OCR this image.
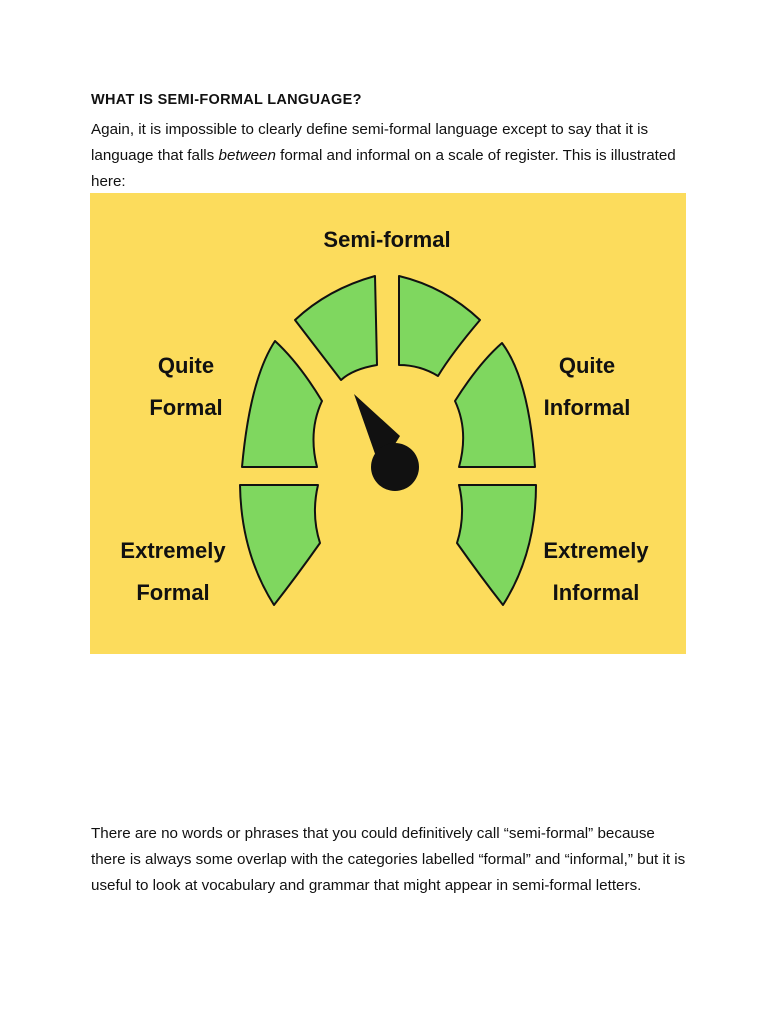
WHAT IS SEMI-FORMAL LANGUAGE?

Again, it is impossible to clearly define semi-formal language except to say that it is language that falls between formal and informal on a scale of register. This is illustrated here:

Semi-formal
Quite
Formal
Quite
Informal
Extremely
Formal
Extremely
Informal

There are no words or phrases that you could definitively call “semi-formal” because there is always some overlap with the categories labelled “formal” and “informal,” but it is useful to look at vocabulary and grammar that might appear in semi-formal letters.
